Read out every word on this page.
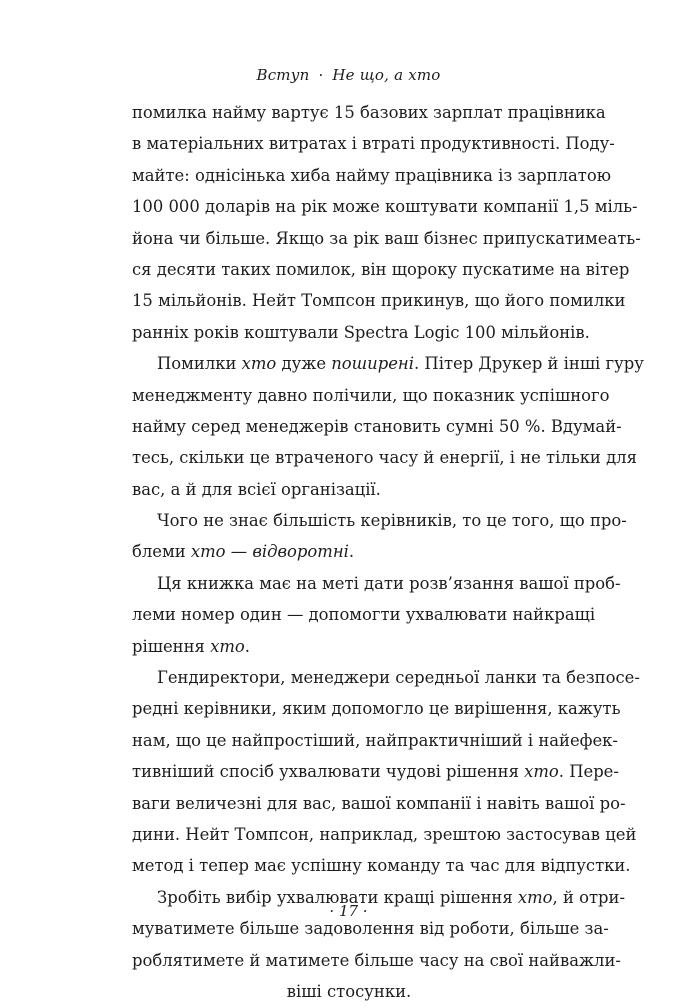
Вступ · Не що, а хто
помилка найму вартує 15 базових зарплат працівника
в матеріальних витратах і втраті продуктивності. Поду-
майте: однісінька хиба найму працівника із зарплатою
100 000 доларів на рік може коштувати компанії 1,5 міль-
йона чи більше. Якщо за рік ваш бізнес припускатимеать-
ся десяти таких помилок, він щороку пускатиме на вітер
15 мільйонів. Нейт Томпсон прикинув, що його помилки
ранніх років коштували Spectra Logic 100 мільйонів.
Помилки хто дуже поширені. Пітер Друкер й інші гуру
менеджменту давно полічили, що показник успішного
найму серед менеджерів становить сумні 50 %. Вдумай-
тесь, скільки це втраченого часу й енергії, і не тільки для
вас, а й для всієї організації.
Чого не знає більшість керівників, то це того, що про-
блеми хто — відворотні.
Ця книжка має на меті дати розв’язання вашої проб-
леми номер один — допомогти ухвалювати найкращі
рішення хто.
Гендиректори, менеджери середньої ланки та безпосе-
редні керівники, яким допомогло це вирішення, кажуть
нам, що це найпростіший, найпрактичніший і найефек-
тивніший спосіб ухвалювати чудові рішення хто. Пере-
ваги величезні для вас, вашої компанії і навіть вашої ро-
дини. Нейт Томпсон, наприклад, зрештою застосував цей
метод і тепер має успішну команду та час для відпустки.
Зробіть вибір ухвалювати кращі рішення хто, й отри-
муватимете більше задоволення від роботи, більше за-
роблятимете й матимете більше часу на свої найважли-
віші стосунки.
· 17 ·
